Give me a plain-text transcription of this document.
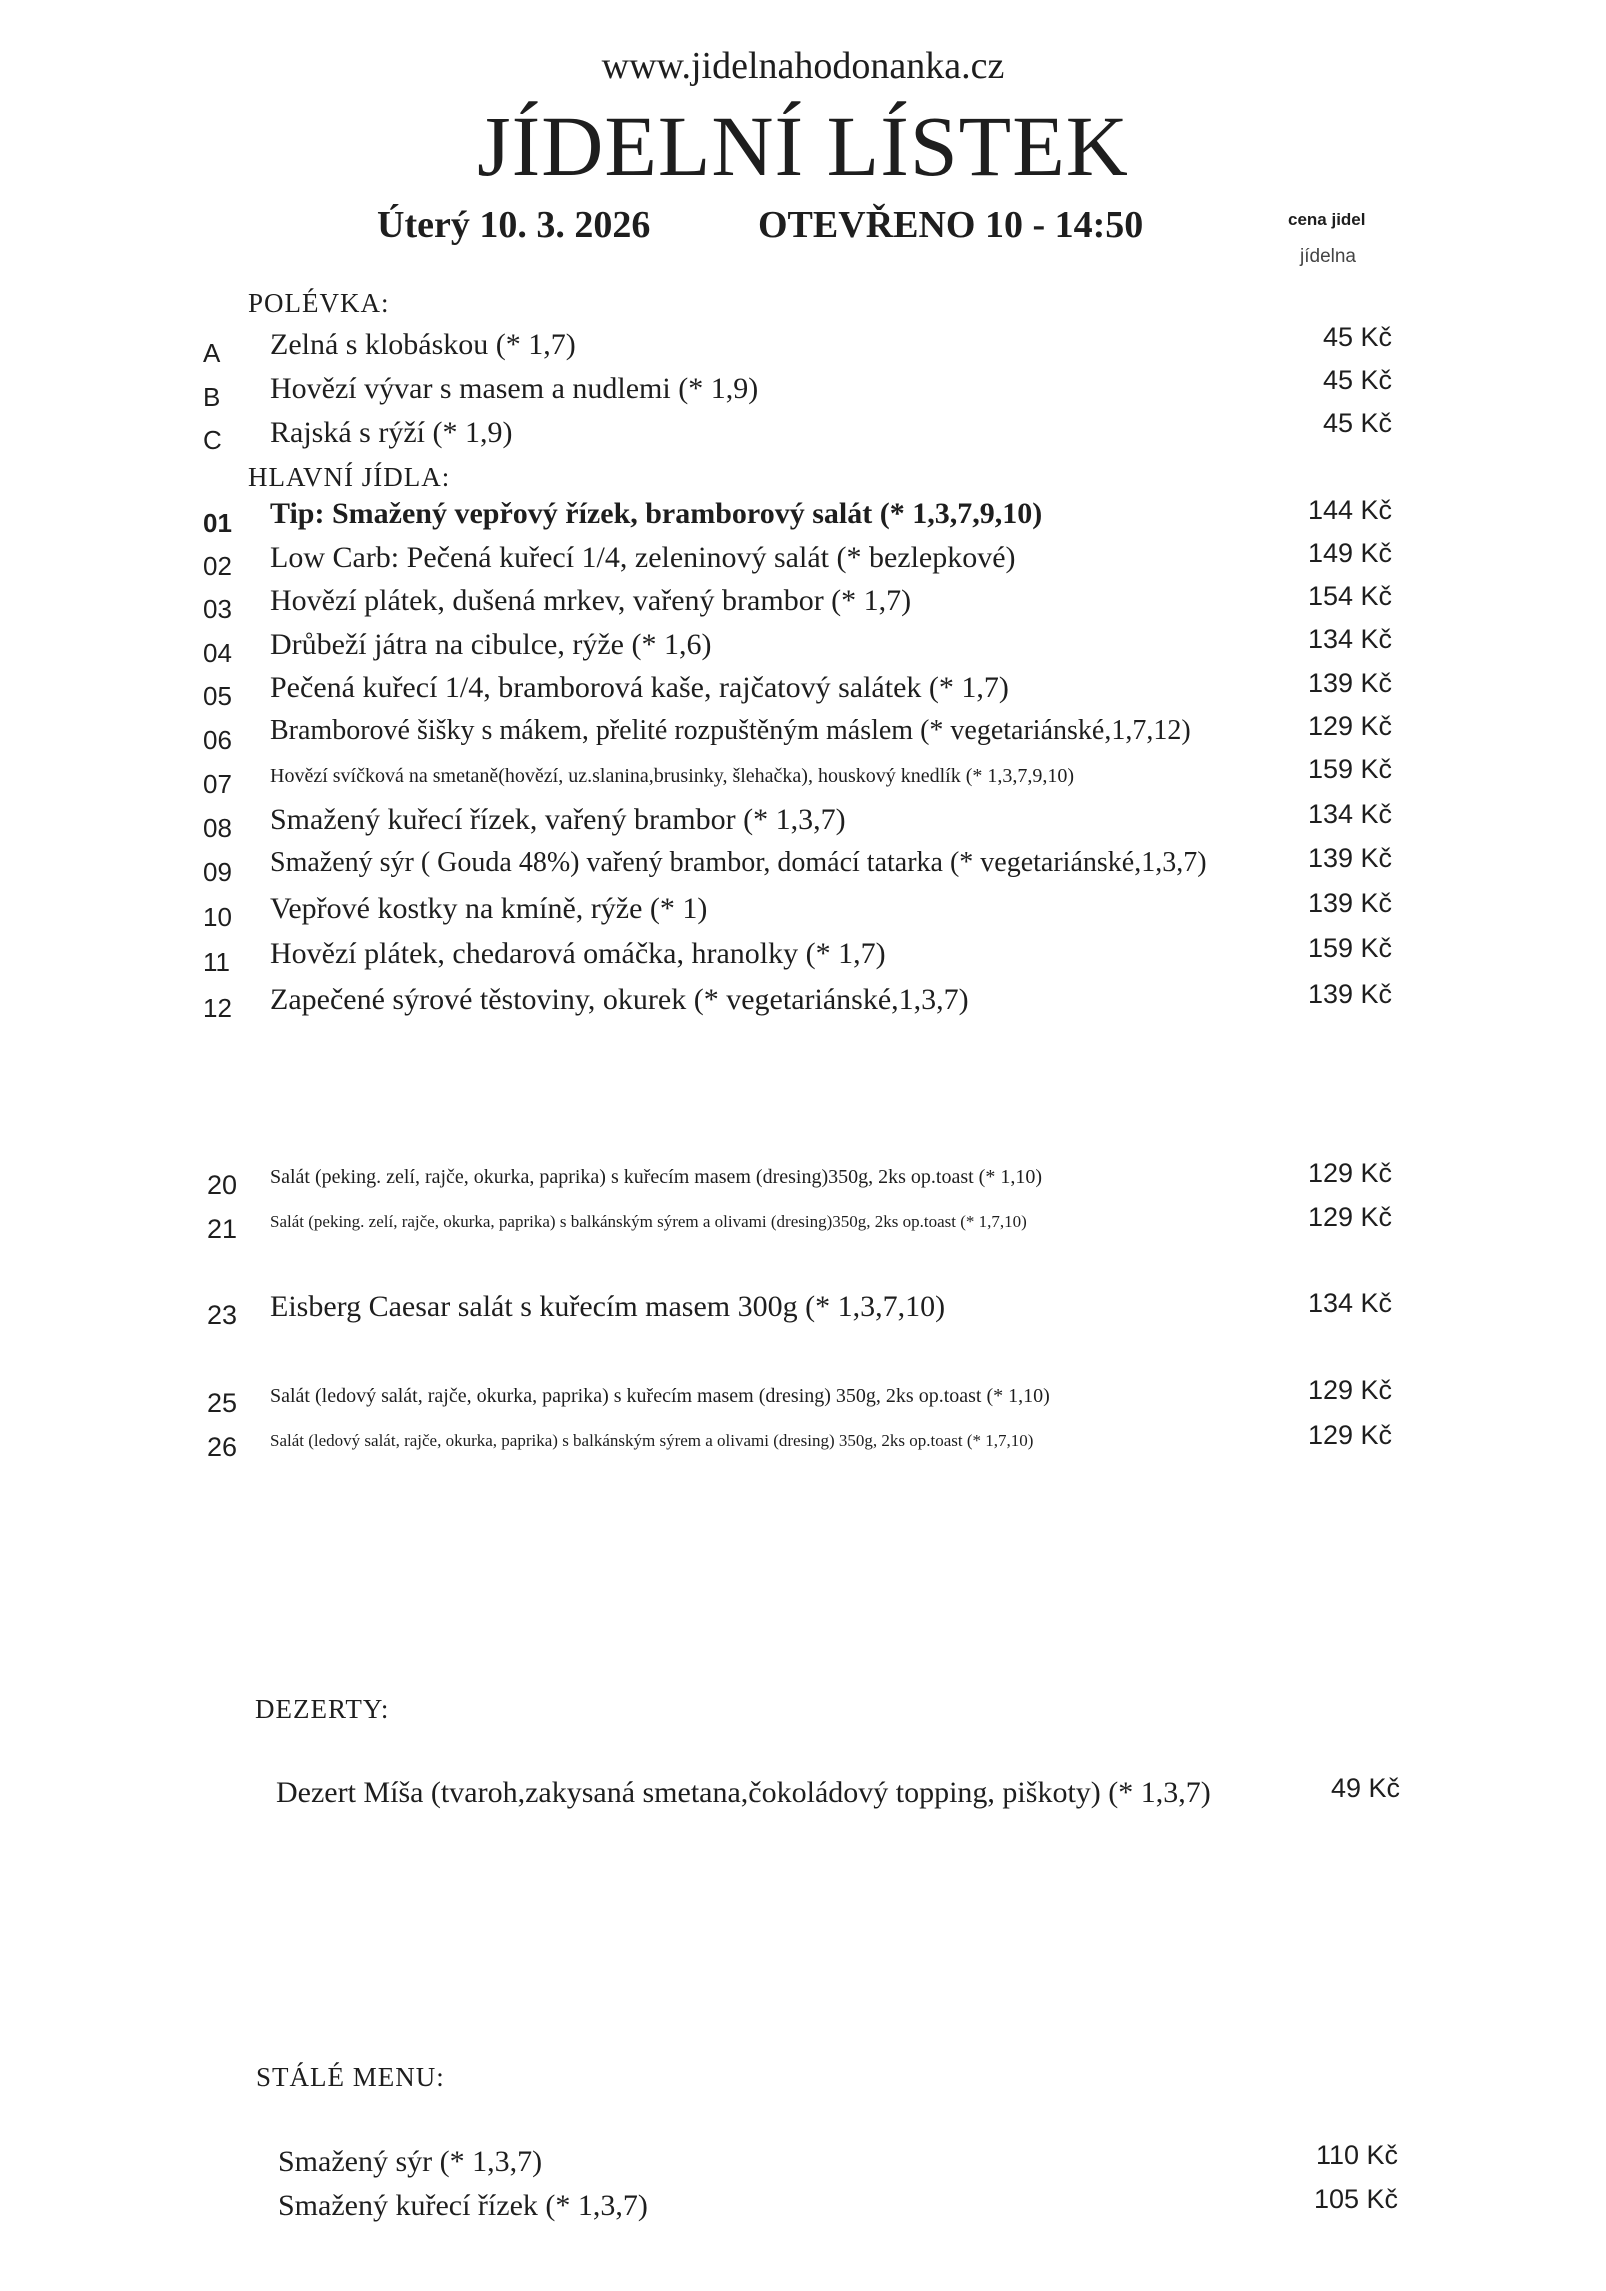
www.jidelnahodonanka.cz
JÍDELNÍ LÍSTEK
Úterý 10. 3. 2026	OTEVŘENO 10 - 14:50	cena jidel
jídelna
POLÉVKA:
A Zelná s klobáskou (* 1,7)	45 Kč
B Hovězí vývar s masem a nudlemi (* 1,9)	45 Kč
C Rajská s rýží (* 1,9)	45 Kč
HLAVNÍ JÍDLA:
01 Tip: Smažený vepřový řízek, bramborový salát (* 1,3,7,9,10)	144 Kč
02 Low Carb: Pečená kuřecí 1/4, zeleninový salát (* bezlepkové)	149 Kč
03 Hovězí plátek, dušená mrkev, vařený brambor (* 1,7)	154 Kč
04 Drůbeží játra na cibulce, rýže (* 1,6)	134 Kč
05 Pečená kuřecí 1/4, bramborová kaše, rajčatový salátek (* 1,7)	139 Kč
06 Bramborové šišky s mákem, přelité rozpuštěným máslem (* vegetariánské,1,7,12)	129 Kč
07 Hovězí svíčková na smetaně(hovězí, uz.slanina,brusinky, šlehačka), houskový knedlík (* 1,3,7,9,10)	159 Kč
08 Smažený kuřecí řízek, vařený brambor (* 1,3,7)	134 Kč
09 Smažený sýr ( Gouda 48%) vařený brambor, domácí tatarka (* vegetariánské,1,3,7)	139 Kč
10 Vepřové kostky na kmíně, rýže (* 1)	139 Kč
11 Hovězí plátek, chedarová omáčka, hranolky (* 1,7)	159 Kč
12 Zapečené sýrové těstoviny, okurek (* vegetariánské,1,3,7)	139 Kč
20 Salát (peking. zelí, rajče, okurka, paprika) s kuřecím masem (dresing)350g, 2ks op.toast (* 1,10)	129 Kč
21 Salát (peking. zelí, rajče, okurka, paprika) s balkánským sýrem a olivami (dresing)350g, 2ks op.toast (* 1,7,10)	129 Kč
23 Eisberg Caesar salát s kuřecím masem 300g (* 1,3,7,10)	134 Kč
25 Salát (ledový salát, rajče, okurka, paprika) s kuřecím masem (dresing) 350g, 2ks op.toast (* 1,10)	129 Kč
26 Salát (ledový salát, rajče, okurka, paprika) s balkánským sýrem a olivami (dresing) 350g, 2ks op.toast (* 1,7,10)	129 Kč
DEZERTY:
Dezert Míša (tvaroh,zakysaná smetana,čokoládový topping, piškoty) (* 1,3,7)	49 Kč
STÁLÉ MENU:
Smažený sýr (* 1,3,7)	110 Kč
Smažený kuřecí řízek (* 1,3,7)	105 Kč
